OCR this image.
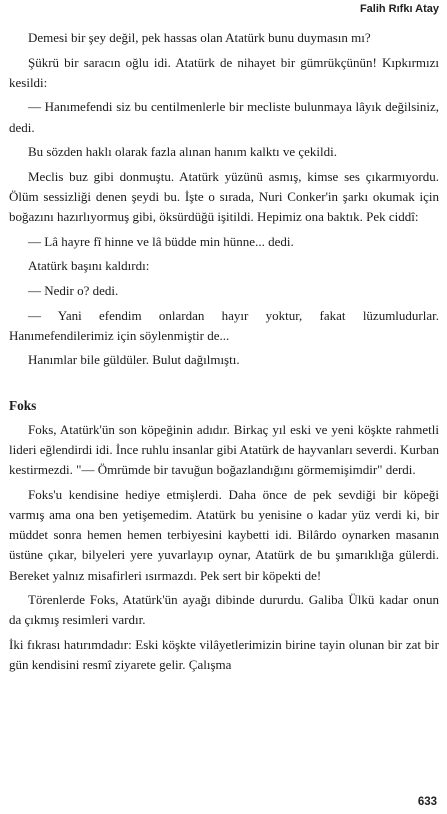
Falih Rıfkı Atay

Demesi bir şey değil, pek hassas olan Atatürk bunu duymasın mı?

Şükrü bir saracın oğlu idi. Atatürk de nihayet bir gümrükçünün! Kıpkırmızı kesildi:

— Hanımefendi siz bu centilmenlerle bir mecliste bulunmaya lâyık değilsiniz, dedi.

Bu sözden haklı olarak fazla alınan hanım kalktı ve çekildi.

Meclis buz gibi donmuştu. Atatürk yüzünü asmış, kimse ses çıkarmıyordu. Ölüm sessizliği denen şeydi bu. İşte o sırada, Nuri Conker'in şarkı okumak için boğazını hazırlıyormuş gibi, öksürdüğü işitildi. Hepimiz ona baktık. Pek ciddî:

— Lâ hayre fî hinne ve lâ büdde min hünne... dedi.

Atatürk başını kaldırdı:

— Nedir o? dedi.

— Yani efendim onlardan hayır yoktur, fakat lüzumludurlar. Hanımefendilerimiz için söylenmiştir de...

Hanımlar bile güldüler. Bulut dağılmıştı.

Foks

Foks, Atatürk'ün son köpeğinin adıdır. Birkaç yıl eski ve yeni köşkte rahmetli lideri eğlendirdi idi. İnce ruhlu insanlar gibi Atatürk de hayvanları severdi. Kurban kestirmezdi. "— Ömrümde bir tavuğun boğazlandığını görmemişimdir" derdi.

Foks'u kendisine hediye etmişlerdi. Daha önce de pek sevdiği bir köpeği varmış ama ona ben yetişemedim. Atatürk bu yenisine o kadar yüz verdi ki, bir müddet sonra hemen hemen terbiyesini kaybetti idi. Bilârdo oynarken masanın üstüne çıkar, bilyeleri yere yuvarlayıp oynar, Atatürk de bu şımarıklığa gülerdi. Bereket yalnız misafirleri ısırmazdı. Pek sert bir köpekti de!

Törenlerde Foks, Atatürk'ün ayağı dibinde dururdu. Galiba Ülkü kadar onun da çıkmış resimleri vardır.

İki fıkrası hatırımdadır: Eski köşkte vilâyetlerimizin birine tayin olunan bir zat bir gün kendisini resmî ziyarete gelir. Çalışma

633
